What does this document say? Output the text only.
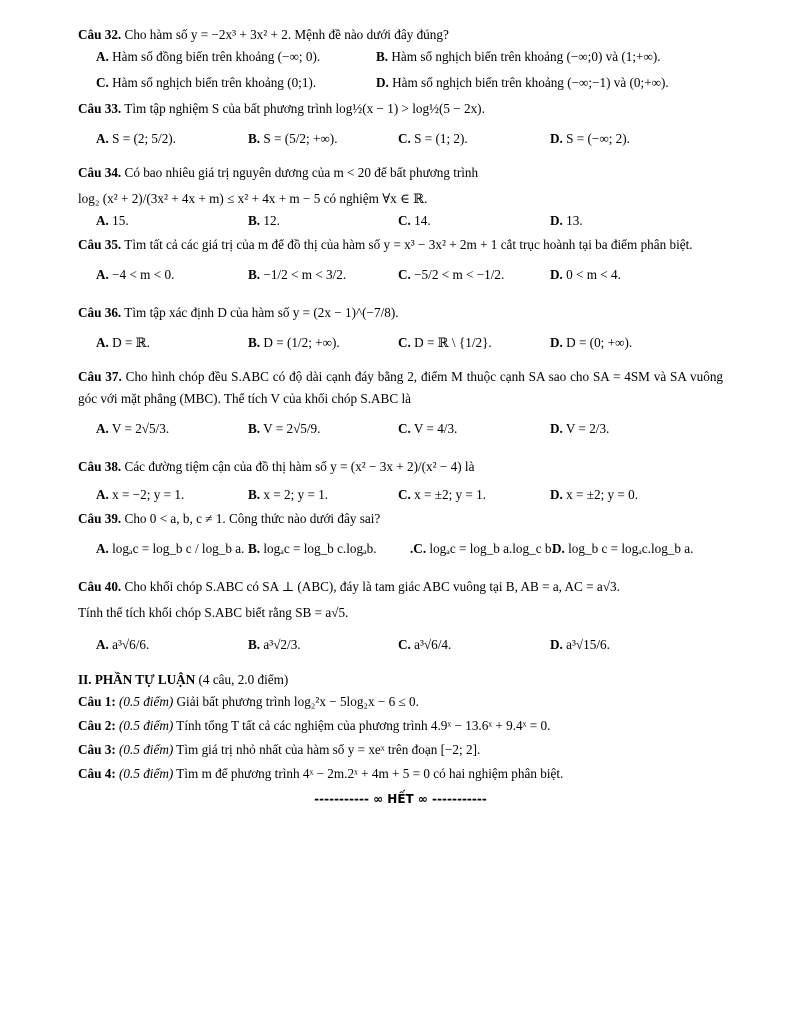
Câu 32. Cho hàm số y = −2x³ + 3x² + 2. Mệnh đề nào dưới đây đúng?
A. Hàm số đồng biến trên khoảng (−∞; 0).	B. Hàm số nghịch biến trên khoảng (−∞;0) và (1;+∞).
C. Hàm số nghịch biến trên khoảng (0;1).	D. Hàm số nghịch biến trên khoảng (−∞;−1) và (0;+∞).
Câu 33. Tìm tập nghiệm S của bất phương trình log½(x − 1) > log½(5 − 2x).
A. S = (2; 5/2).	B. S = (5/2; +∞).	C. S = (1; 2).	D. S = (−∞; 2).
Câu 34. Có bao nhiêu giá trị nguyên dương của m < 20 để bất phương trình
log₂ (x² + 2)/(3x² + 4x + m) ≤ x² + 4x + m − 5 có nghiệm ∀x ∈ ℝ.
A. 15.	B. 12.	C. 14.	D. 13.
Câu 35. Tìm tất cả các giá trị của m để đồ thị của hàm số y = x³ − 3x² + 2m + 1 cắt trục hoành tại ba điểm phân biệt.
A. −4 < m < 0.	B. −1/2 < m < 3/2.	C. −5/2 < m < −1/2.	D. 0 < m < 4.
Câu 36. Tìm tập xác định D của hàm số y = (2x − 1)^(−7/8).
A. D = ℝ.	B. D = (1/2; +∞).	C. D = ℝ \ {1/2}.	D. D = (0; +∞).
Câu 37. Cho hình chóp đều S.ABC có độ dài cạnh đáy bằng 2, điểm M thuộc cạnh SA sao cho SA = 4SM và SA vuông góc với mặt phẳng (MBC). Thể tích V của khối chóp S.ABC là
A. V = 2√5/3.	B. V = 2√5/9.	C. V = 4/3.	D. V = 2/3.
Câu 38. Các đường tiệm cận của đồ thị hàm số y = (x² − 3x + 2)/(x² − 4) là
A. x = −2; y = 1.	B. x = 2; y = 1.	C. x = ±2; y = 1.	D. x = ±2; y = 0.
Câu 39. Cho 0 < a, b, c ≠ 1. Công thức nào dưới đây sai?
A. logₐc = log_b c / log_b a. B. logₐc = log_b c.logₐb.	.C. logₐc = log_b a.log_c b.
D. log_b c = logₐc.log_b a.
Câu 40. Cho khối chóp S.ABC có SA ⊥ (ABC), đáy là tam giác ABC vuông tại B, AB = a, AC = a√3.
Tính thể tích khối chóp S.ABC biết rằng SB = a√5.
A. a³√6/6.	B. a³√2/3.	C. a³√6/4.	D. a³√15/6.
II. PHẦN TỰ LUẬN (4 câu, 2.0 điểm)
Câu 1: (0.5 điểm) Giải bất phương trình log₂²x − 5log₂x − 6 ≤ 0.
Câu 2: (0.5 điểm) Tính tổng T tất cả các nghiệm của phương trình 4.9ˣ − 13.6ˣ + 9.4ˣ = 0.
Câu 3: (0.5 điểm) Tìm giá trị nhỏ nhất của hàm số y = xeˣ trên đoạn [−2; 2].
Câu 4: (0.5 điểm) Tìm m để phương trình 4ˣ − 2m.2ˣ + 4m + 5 = 0 có hai nghiệm phân biệt.
----------- ∞ HẾT ∞ -----------
